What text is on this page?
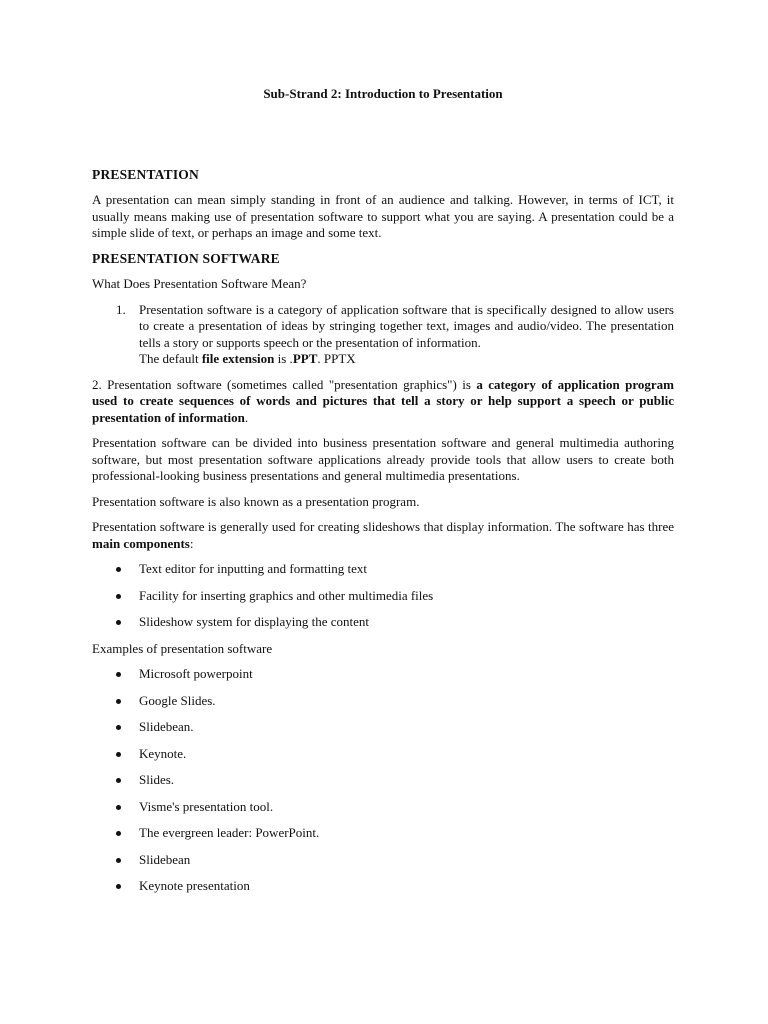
Sub-Strand 2: Introduction to Presentation
PRESENTATION

A presentation can mean simply standing in front of an audience and talking. However, in terms of ICT, it usually means making use of presentation software to support what you are saying. A presentation could be a simple slide of text, or perhaps an image and some text.

PRESENTATION SOFTWARE

What Does Presentation Software Mean?

1. Presentation software is a category of application software that is specifically designed to allow users to create a presentation of ideas by stringing together text, images and audio/video. The presentation tells a story or supports speech or the presentation of information.
The default file extension is .PPT. PPTX

2. Presentation software (sometimes called "presentation graphics") is a category of application program used to create sequences of words and pictures that tell a story or help support a speech or public presentation of information.

Presentation software can be divided into business presentation software and general multimedia authoring software, but most presentation software applications already provide tools that allow users to create both professional-looking business presentations and general multimedia presentations.

Presentation software is also known as a presentation program.

Presentation software is generally used for creating slideshows that display information. The software has three main components:

Text editor for inputting and formatting text
Facility for inserting graphics and other multimedia files
Slideshow system for displaying the content

Examples of presentation software

Microsoft powerpoint
Google Slides.
Slidebean.
Keynote.
Slides.
Visme's presentation tool.
The evergreen leader: PowerPoint.
Slidebean
Keynote presentation
